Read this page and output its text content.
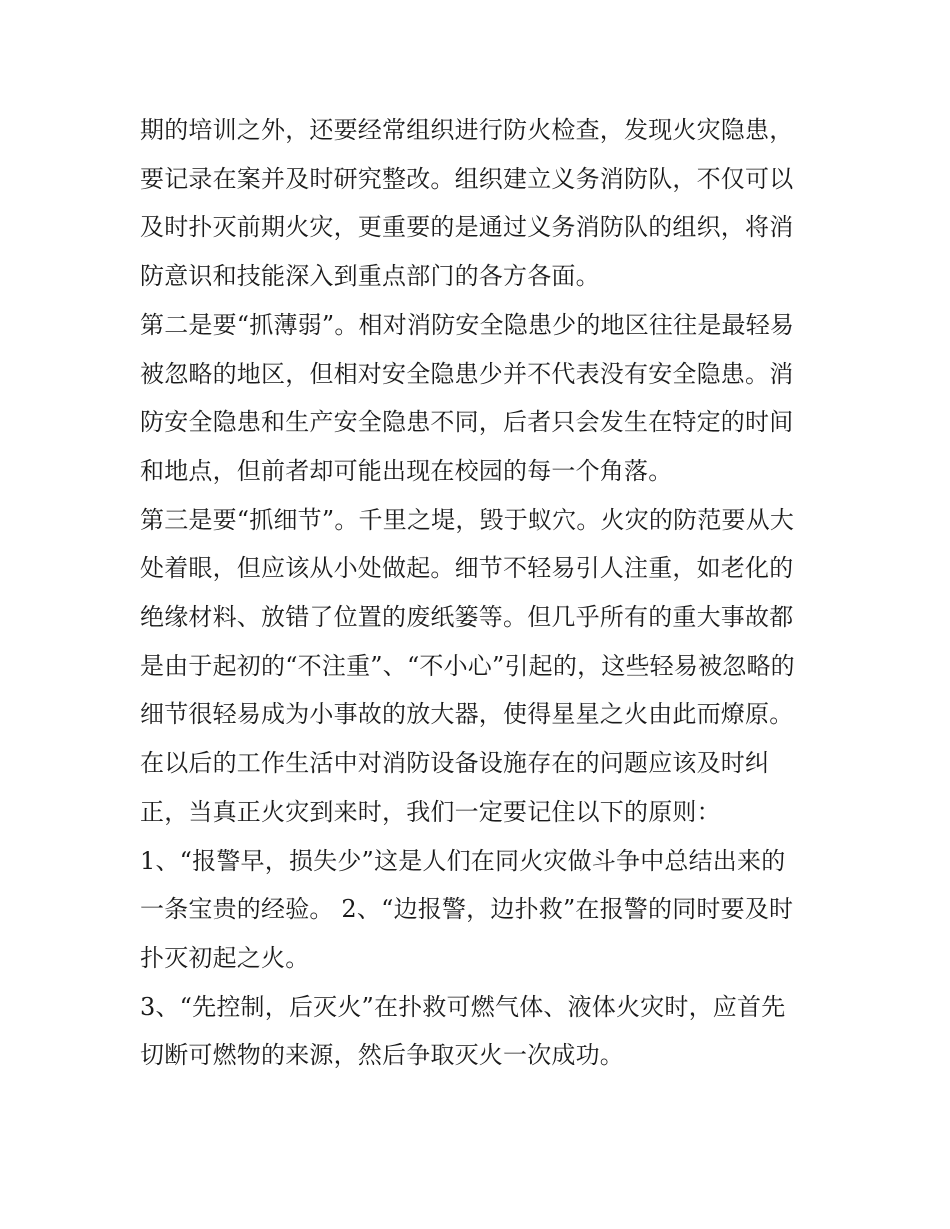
期的培训之外，还要经常组织进行防火检查，发现火灾隐患，
要记录在案并及时研究整改。组织建立义务消防队，不仅可以
及时扑灭前期火灾，更重要的是通过义务消防队的组织，将消
防意识和技能深入到重点部门的各方各面。
第二是要“抓薄弱”。相对消防安全隐患少的地区往往是最轻易
被忽略的地区，但相对安全隐患少并不代表没有安全隐患。消
防安全隐患和生产安全隐患不同，后者只会发生在特定的时间
和地点，但前者却可能出现在校园的每一个角落。
第三是要“抓细节”。千里之堤，毁于蚁穴。火灾的防范要从大
处着眼，但应该从小处做起。细节不轻易引人注重，如老化的
绝缘材料、放错了位置的废纸篓等。但几乎所有的重大事故都
是由于起初的“不注重”、“不小心”引起的，这些轻易被忽略的
细节很轻易成为小事故的放大器，使得星星之火由此而燎原。
在以后的工作生活中对消防设备设施存在的问题应该及时纠
正，当真正火灾到来时，我们一定要记住以下的原则：
1、“报警早，损失少”这是人们在同火灾做斗争中总结出来的
一条宝贵的经验。 2、“边报警，边扑救”在报警的同时要及时
扑灭初起之火。
3、“先控制，后灭火”在扑救可燃气体、液体火灾时，应首先
切断可燃物的来源，然后争取灭火一次成功。
